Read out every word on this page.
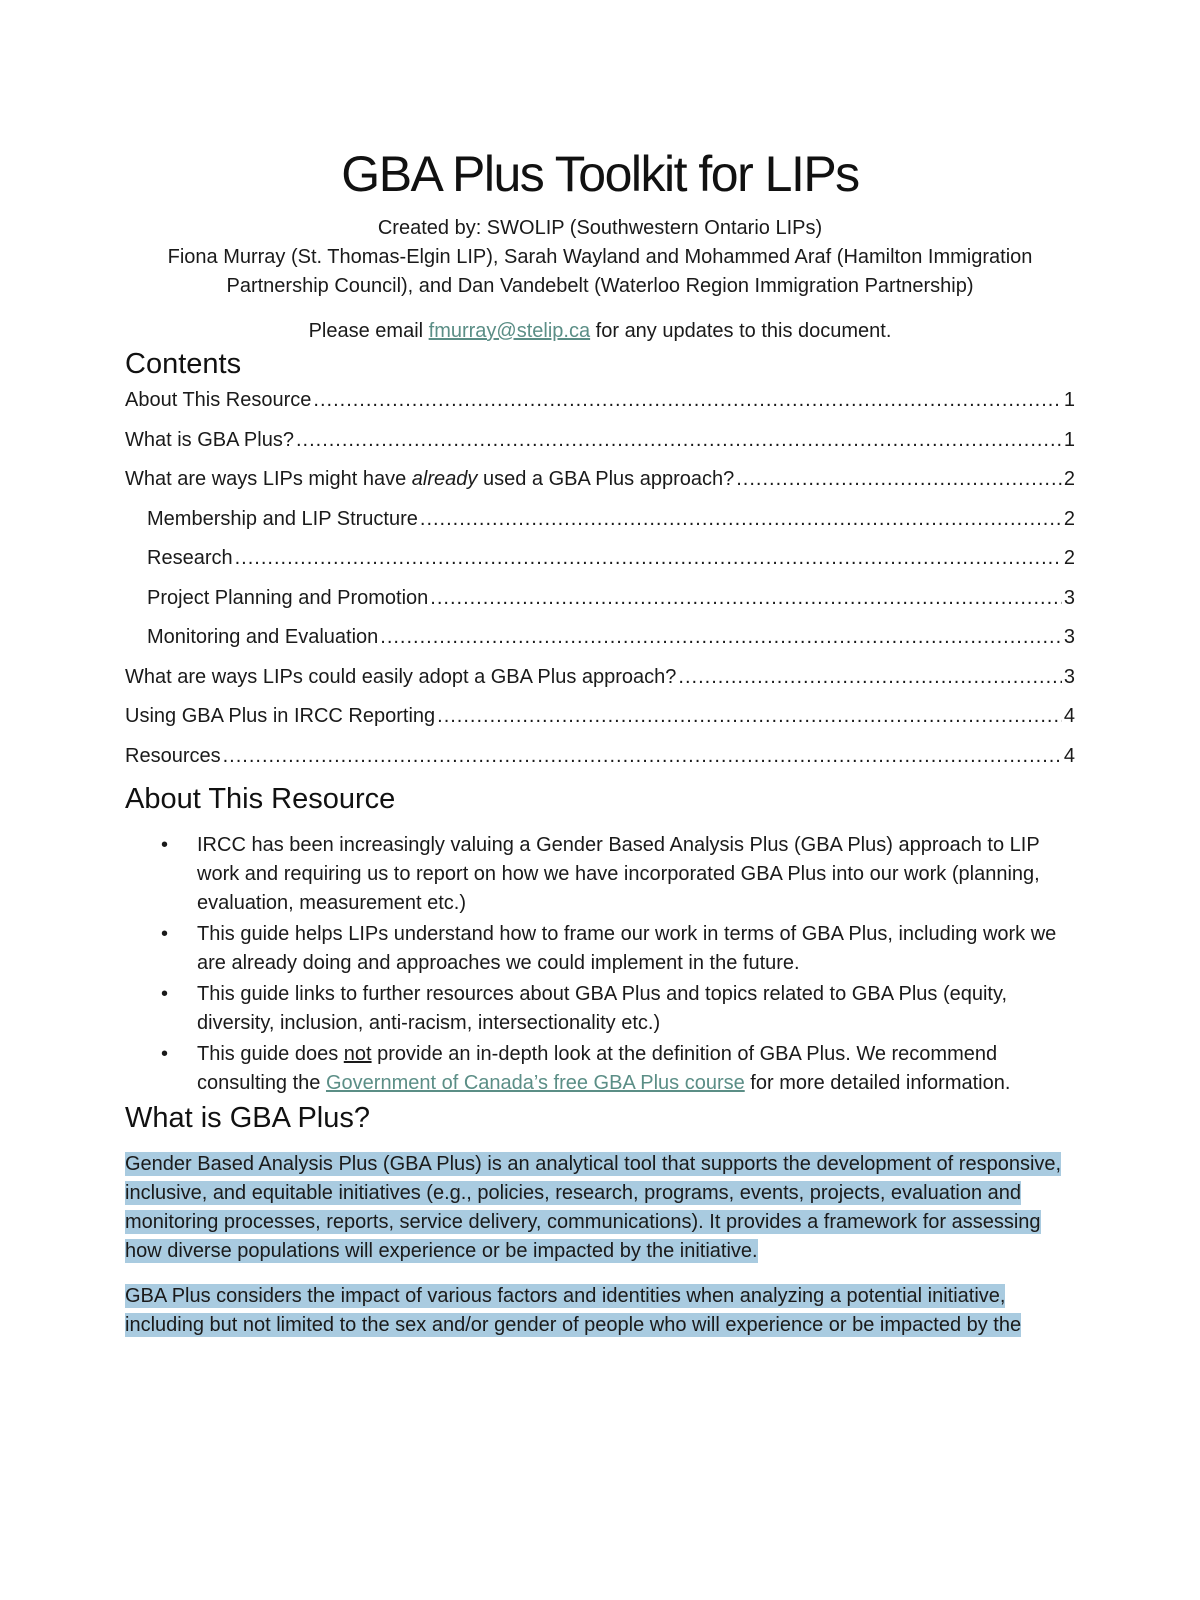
GBA Plus Toolkit for LIPs
Created by: SWOLIP (Southwestern Ontario LIPs)
Fiona Murray (St. Thomas-Elgin LIP), Sarah Wayland and Mohammed Araf (Hamilton Immigration
Partnership Council), and Dan Vandebelt (Waterloo Region Immigration Partnership)
Please email fmurray@stelip.ca for any updates to this document.
Contents
About This Resource .....	1
What is GBA Plus? .....	1
What are ways LIPs might have already used a GBA Plus approach? .....	2
Membership and LIP Structure .....	2
Research .....	2
Project Planning and Promotion .....	3
Monitoring and Evaluation .....	3
What are ways LIPs could easily adopt a GBA Plus approach? .....	3
Using GBA Plus in IRCC Reporting .....	4
Resources .....	4
About This Resource
• IRCC has been increasingly valuing a Gender Based Analysis Plus (GBA Plus) approach to LIP work and requiring us to report on how we have incorporated GBA Plus into our work (planning, evaluation, measurement etc.)
• This guide helps LIPs understand how to frame our work in terms of GBA Plus, including work we are already doing and approaches we could implement in the future.
• This guide links to further resources about GBA Plus and topics related to GBA Plus (equity, diversity, inclusion, anti-racism, intersectionality etc.)
• This guide does not provide an in-depth look at the definition of GBA Plus. We recommend consulting the Government of Canada’s free GBA Plus course for more detailed information.
What is GBA Plus?

Gender Based Analysis Plus (GBA Plus) is an analytical tool that supports the development of responsive, inclusive, and equitable initiatives (e.g., policies, research, programs, events, projects, evaluation and monitoring processes, reports, service delivery, communications). It provides a framework for assessing how diverse populations will experience or be impacted by the initiative.

GBA Plus considers the impact of various factors and identities when analyzing a potential initiative, including but not limited to the sex and/or gender of people who will experience or be impacted by the
